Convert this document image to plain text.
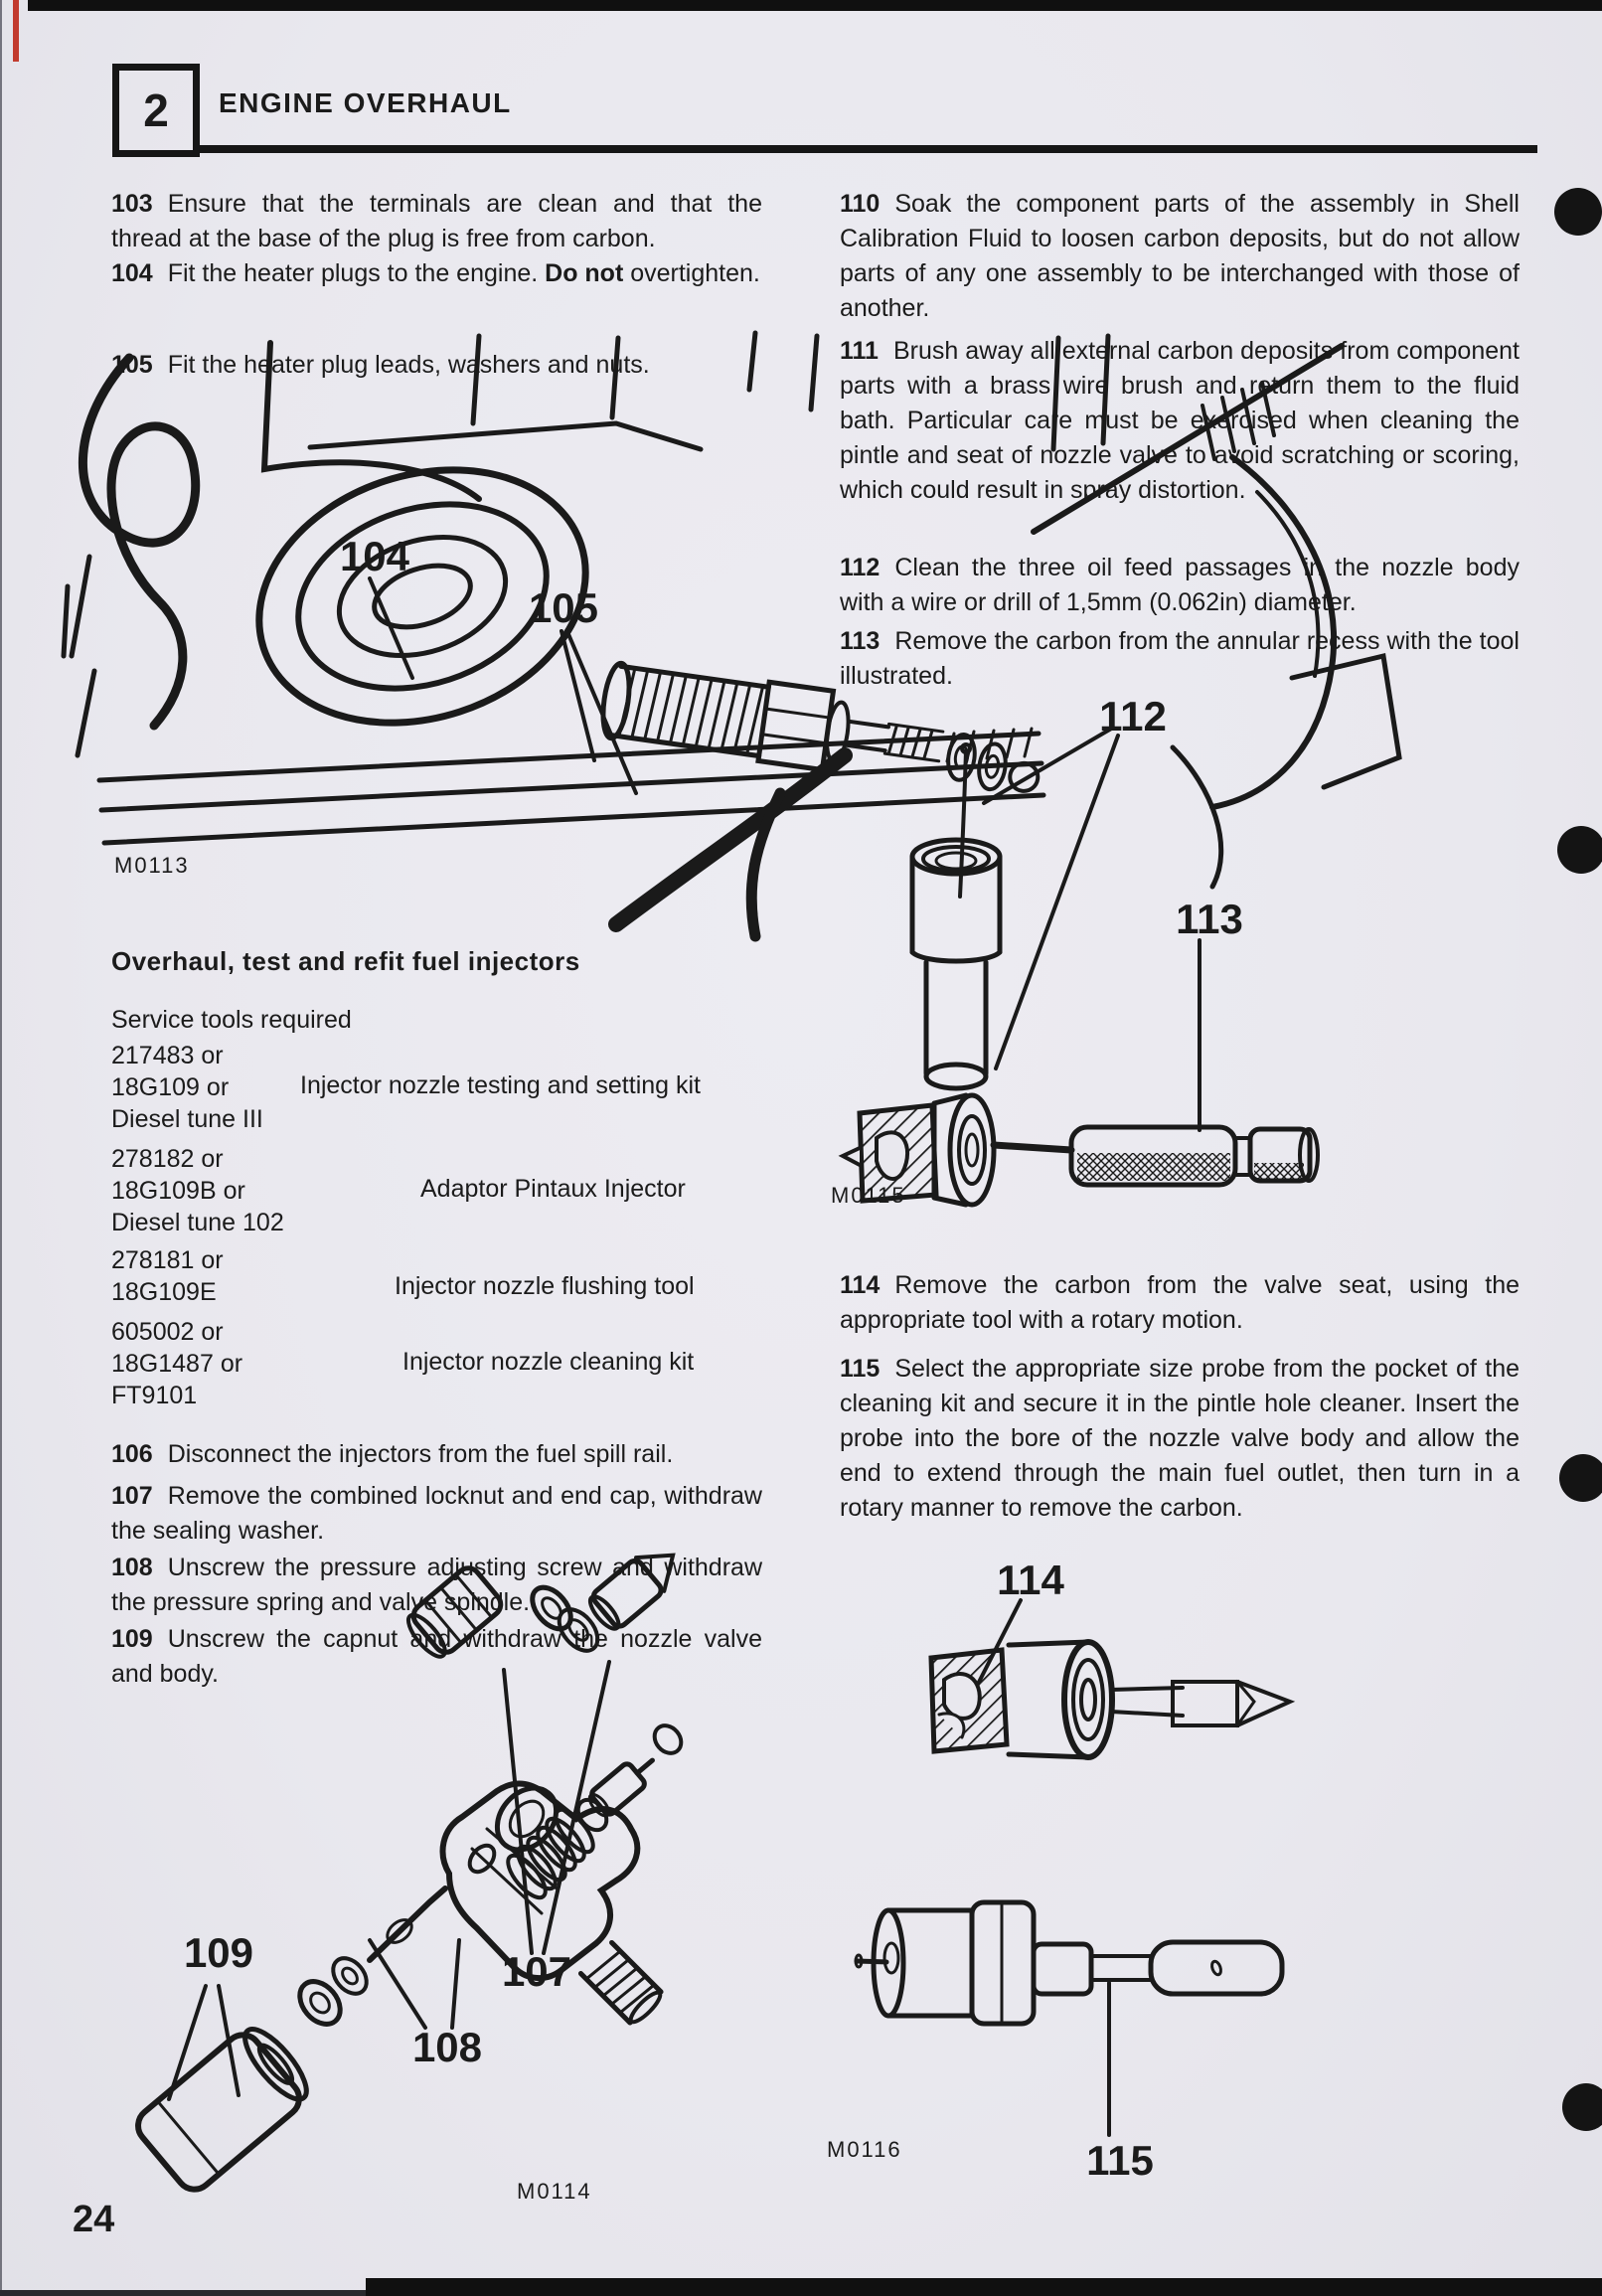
2 ENGINE OVERHAUL
103 Ensure that the terminals are clean and that the thread at the base of the plug is free from carbon.
104 Fit the heater plugs to the engine. Do not overtighten.
105 Fit the heater plug leads, washers and nuts.
110 Soak the component parts of the assembly in Shell Calibration Fluid to loosen carbon deposits, but do not allow parts of any one assembly to be interchanged with those of another.
111 Brush away all external carbon deposits from component parts with a brass wire brush and return them to the fluid bath. Particular care must be exercised when cleaning the pintle and seat of nozzle valve to avoid scratching or scoring, which could result in spray distortion.
112 Clean the three oil feed passages in the nozzle body with a wire or drill of 1,5mm (0.062in) diameter.
113 Remove the carbon from the annular recess with the tool illustrated.
104
105
M0113
Overhaul, test and refit fuel injectors
Service tools required
217483 or
18G109 or
Diesel tune III
Injector nozzle testing and setting kit
278182 or
18G109B or
Diesel tune 102
Adaptor Pintaux Injector
278181 or
18G109E	Injector nozzle flushing tool
605002 or
18G1487 or
FT9101
Injector nozzle cleaning kit
106 Disconnect the injectors from the fuel spill rail.
107 Remove the combined locknut and end cap, withdraw the sealing washer.
108 Unscrew the pressure adjusting screw and withdraw the pressure spring and valve spindle.
109 Unscrew the capnut and withdraw the nozzle valve and body.
114 Remove the carbon from the valve seat, using the appropriate tool with a rotary motion.
115 Select the appropriate size probe from the pocket of the cleaning kit and secure it in the pintle hole cleaner. Insert the probe into the bore of the nozzle valve body and allow the end to extend through the main fuel outlet, then turn in a rotary manner to remove the carbon.
112
113
M0115
114
115
M0116
109	107
108
M0114
24
